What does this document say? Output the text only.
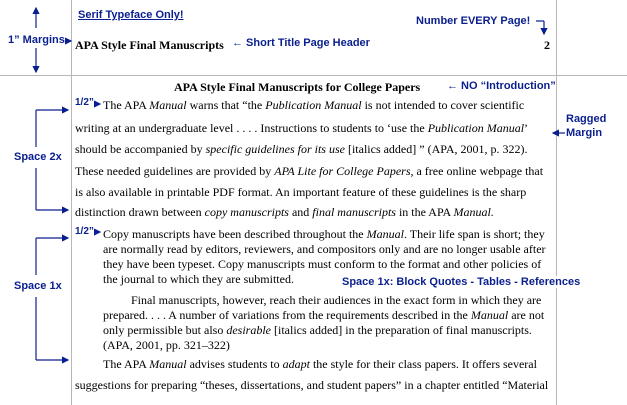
Serif Typeface Only!	Number EVERY Page!
1” Margins	← Short Title Page Header
← NO “Introduction”
Ragged
Margin
Space 2x
Space 1x
1/2”
1/2”
Space 1x: Block Quotes - Tables - References
APA Style Final Manuscripts	2
APA Style Final Manuscripts for College Papers
The APA Manual warns that “the Publication Manual is not intended to cover scientific
writing at an undergraduate level . . . . Instructions to students to ‘use the Publication Manual’
should be accompanied by specific guidelines for its use [italics added] ” (APA, 2001, p. 322).
These needed guidelines are provided by APA Lite for College Papers, a free online webpage that
is also available in printable PDF format. An important feature of these guidelines is the sharp
distinction drawn between copy manuscripts and final manuscripts in the APA Manual.
Copy manuscripts have been described throughout the Manual. Their life span is short; they
are normally read by editors, reviewers, and compositors only and are no longer usable after
they have been typeset. Copy manuscripts must conform to the format and other policies of
the journal to which they are submitted.
Final manuscripts, however, reach their audiences in the exact form in which they are
prepared. . . . A number of variations from the requirements described in the Manual are not
only permissible but also desirable [italics added] in the preparation of final manuscripts.
(APA, 2001, pp. 321–322)
The APA Manual advises students to adapt the style for their class papers. It offers several
suggestions for preparing “theses, dissertations, and student papers” in a chapter entitled “Material
